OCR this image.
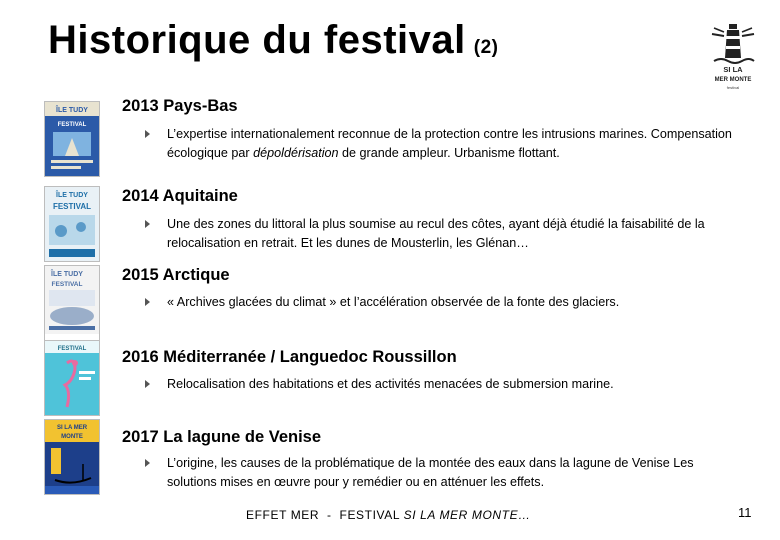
Historique du festival (2)
SI LA
MER MONTE
festival
ÎLE TUDY
FESTIVAL
ÎLE TUDY
FESTIVAL
ÎLE TUDY
FESTIVAL
FESTIVAL
SI LA MER
MONTE
2013 Pays-Bas
L’expertise internationalement reconnue de la protection contre les intrusions marines. Compensation écologique par dépoldérisation de grande ampleur. Urbanisme flottant.
2014 Aquitaine
Une des zones du littoral la plus soumise au recul des côtes, ayant déjà étudié la faisabilité de la relocalisation en retrait. Et les dunes de Mousterlin, les Glénan…
2015 Arctique
« Archives glacées du climat » et l’accélération observée de la fonte des glaciers.
2016 Méditerranée / Languedoc Roussillon
Relocalisation des habitations et des activités menacées de submersion marine.
2017 La lagune de Venise
L’origine, les causes de la problématique de la montée des eaux dans la lagune de Venise Les solutions mises en œuvre pour y remédier ou en atténuer les effets.
EFFET MER  -  FESTIVAL SI LA MER MONTE…	11
